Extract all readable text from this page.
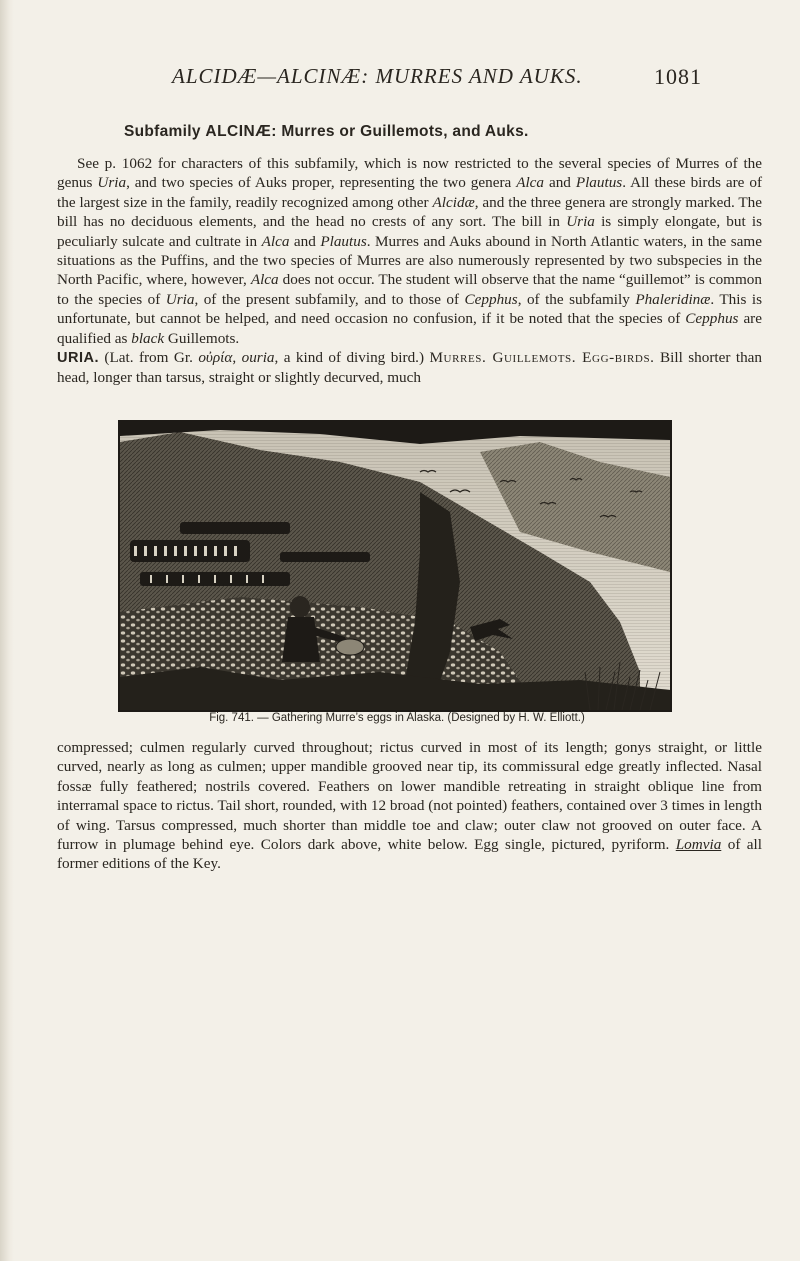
ALCIDÆ—ALCINÆ: MURRES AND AUKS.	1081
Subfamily ALCINÆ: Murres or Guillemots, and Auks.

See p. 1062 for characters of this subfamily, which is now restricted to the several species of Murres of the genus Uria, and two species of Auks proper, representing the two genera Alca and Plautus. All these birds are of the largest size in the family, readily recognized among other Alcidæ, and the three genera are strongly marked. The bill has no deciduous elements, and the head no crests of any sort. The bill in Uria is simply elongate, but is peculiarly sulcate and cultrate in Alca and Plautus. Murres and Auks abound in North Atlantic waters, in the same situations as the Puffins, and the two species of Murres are also numerously represented by two subspecies in the North Pacific, where, however, Alca does not occur. The student will observe that the name “guillemot” is common to the species of Uria, of the present subfamily, and to those of Cepphus, of the subfamily Phaleridinæ. This is unfortunate, but cannot be helped, and need occasion no confusion, if it be noted that the species of Cepphus are qualified as black Guillemots.

URIA. (Lat. from Gr. οὐρία, ouria, a kind of diving bird.) Murres. Guillemots. Egg-birds. Bill shorter than head, longer than tarsus, straight or slightly decurved, much

Fig. 741. — Gathering Murre’s eggs in Alaska. (Designed by H. W. Elliott.)

compressed; culmen regularly curved throughout; rictus curved in most of its length; gonys straight, or little curved, nearly as long as culmen; upper mandible grooved near tip, its commissural edge greatly inflected. Nasal fossæ fully feathered; nostrils covered. Feathers on lower mandible retreating in straight oblique line from interramal space to rictus. Tail short, rounded, with 12 broad (not pointed) feathers, contained over 3 times in length of wing. Tarsus compressed, much shorter than middle toe and claw; outer claw not grooved on outer face. A furrow in plumage behind eye. Colors dark above, white below. Egg single, pictured, pyriform. Lomvia of all former editions of the Key.
